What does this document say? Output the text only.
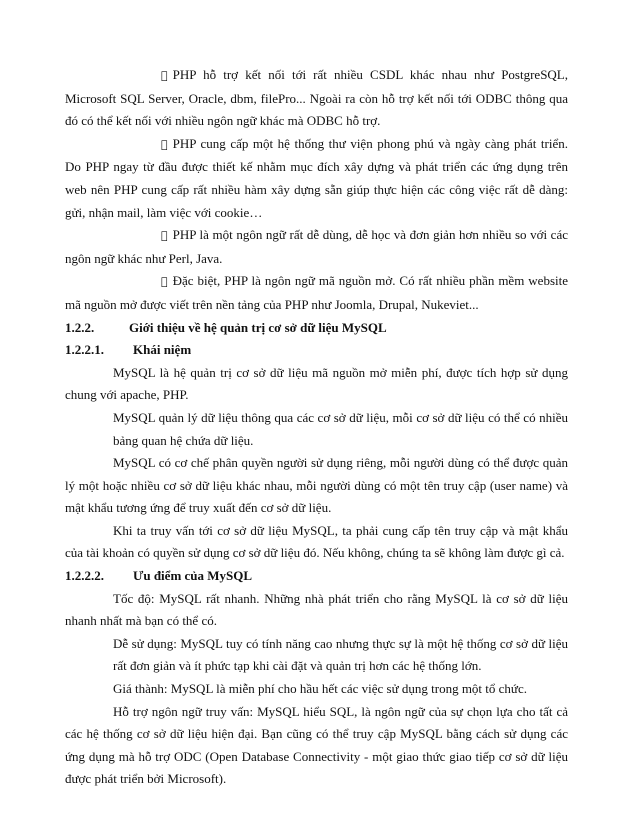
PHP hỗ trợ kết nối tới rất nhiều CSDL khác nhau như PostgreSQL, Microsoft SQL Server, Oracle, dbm, filePro... Ngoài ra còn hỗ trợ kết nối tới ODBC thông qua đó có thể kết nối với nhiều ngôn ngữ khác mà ODBC hỗ trợ.

PHP cung cấp một hệ thống thư viện phong phú và ngày càng phát triển. Do PHP ngay từ đầu được thiết kế nhằm mục đích xây dựng và phát triển các ứng dụng trên web nên PHP cung cấp rất nhiều hàm xây dựng sẵn giúp thực hiện các công việc rất dễ dàng: gửi, nhận mail, làm việc với cookie…

PHP là một ngôn ngữ rất dễ dùng, dễ học và đơn giản hơn nhiều so với các ngôn ngữ khác như Perl, Java.

Đặc biệt, PHP là ngôn ngữ mã nguồn mở. Có rất nhiều phần mềm website mã nguồn mở được viết trên nền tảng của PHP như Joomla, Drupal, Nukeviet...

1.2.2.	Giới thiệu về hệ quản trị cơ sở dữ liệu MySQL

1.2.2.1. Khái niệm

MySQL là hệ quản trị cơ sở dữ liệu mã nguồn mở miễn phí, được tích hợp sử dụng chung với apache, PHP.

MySQL quản lý dữ liệu thông qua các cơ sở dữ liệu, mỗi cơ sở dữ liệu có thể có nhiều bảng quan hệ chứa dữ liệu.

MySQL có cơ chế phân quyền người sử dụng riêng, mỗi người dùng có thể được quản lý một hoặc nhiều cơ sở dữ liệu khác nhau, mỗi người dùng có một tên truy cập (user name) và mật khẩu tương ứng để truy xuất đến cơ sở dữ liệu.

Khi ta truy vấn tới cơ sở dữ liệu MySQL, ta phải cung cấp tên truy cập và mật khẩu của tài khoản có quyền sử dụng cơ sở dữ liệu đó. Nếu không, chúng ta sẽ không làm được gì cả.

1.2.2.2. Ưu điểm của MySQL

Tốc độ: MySQL rất nhanh. Những nhà phát triển cho rằng MySQL là cơ sở dữ liệu nhanh nhất mà bạn có thể có.

Dễ sử dụng: MySQL tuy có tính năng cao nhưng thực sự là một hệ thống cơ sở dữ liệu rất đơn giản và ít phức tạp khi cài đặt và quản trị hơn các hệ thống lớn.

Giá thành: MySQL là miễn phí cho hầu hết các việc sử dụng trong một tổ chức.

Hỗ trợ ngôn ngữ truy vấn: MySQL hiểu SQL, là ngôn ngữ của sự chọn lựa cho tất cả các hệ thống cơ sở dữ liệu hiện đại. Bạn cũng có thể truy cập MySQL bằng cách sử dụng các ứng dụng mà hỗ trợ ODC (Open Database Connectivity - một giao thức giao tiếp cơ sở dữ liệu được phát triển bởi Microsoft).
